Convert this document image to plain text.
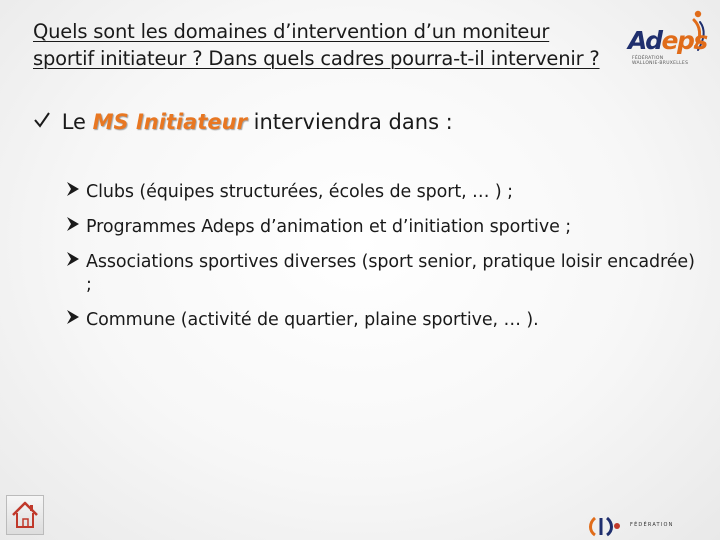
Quels sont les domaines d’intervention d’un moniteur
sportif initiateur ? Dans quels cadres pourra-t-il intervenir ?
Adeps
FÉDÉRATION
WALLONIE-BRUXELLES
Le MS Initiateur interviendra dans :
Clubs (équipes structurées, écoles de sport, … ) ;
Programmes Adeps d’animation et d’initiation sportive ;
Associations sportives diverses (sport senior, pratique loisir encadrée) ;
Commune (activité de quartier, plaine sportive, … ).
FÉDÉRATION
